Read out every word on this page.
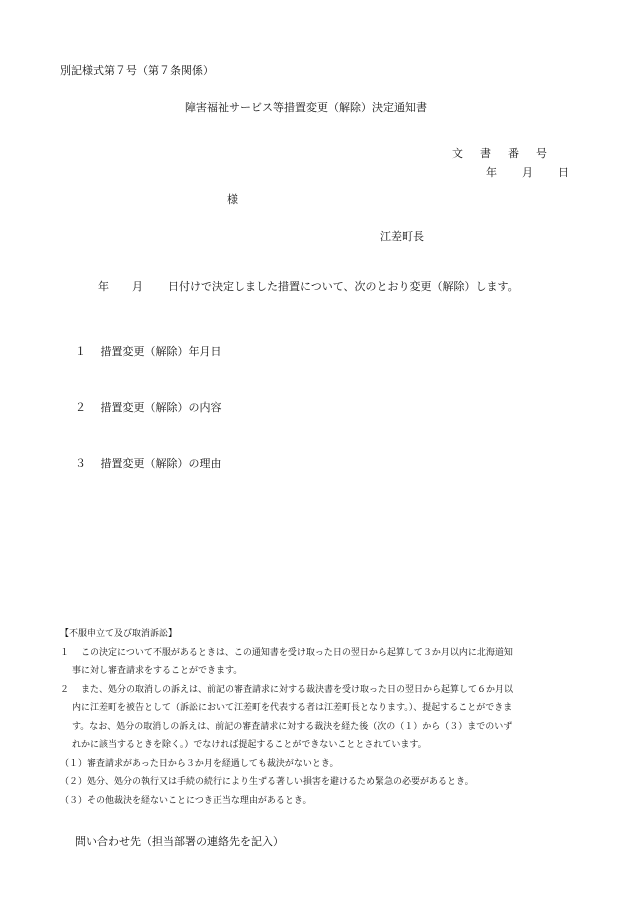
別記様式第７号（第７条関係）
障害福祉サービス等措置変更（解除）決定通知書
文書番号
年 月 日
様
江差町長
年 月 日付けで決定しました措置について、次のとおり変更（解除）します。
１ 措置変更（解除）年月日
２ 措置変更（解除）の内容
３ 措置変更（解除）の理由
【不服申立て及び取消訴訟】
１ この決定について不服があるときは、この通知書を受け取った日の翌日から起算して３か月以内に北海道知
事に対し審査請求をすることができます。
２ また、処分の取消しの訴えは、前記の審査請求に対する裁決書を受け取った日の翌日から起算して６か月以
内に江差町を被告として（訴訟において江差町を代表する者は江差町長となります。）、提起することができま
す。なお、処分の取消しの訴えは、前記の審査請求に対する裁決を経た後（次の（１）から（３）までのいず
れかに該当するときを除く。）でなければ提起することができないこととされています。
（１）審査請求があった日から３か月を経過しても裁決がないとき。
（２）処分、処分の執行又は手続の続行により生ずる著しい損害を避けるため緊急の必要があるとき。
（３）その他裁決を経ないことにつき正当な理由があるとき。
問い合わせ先（担当部署の連絡先を記入）
